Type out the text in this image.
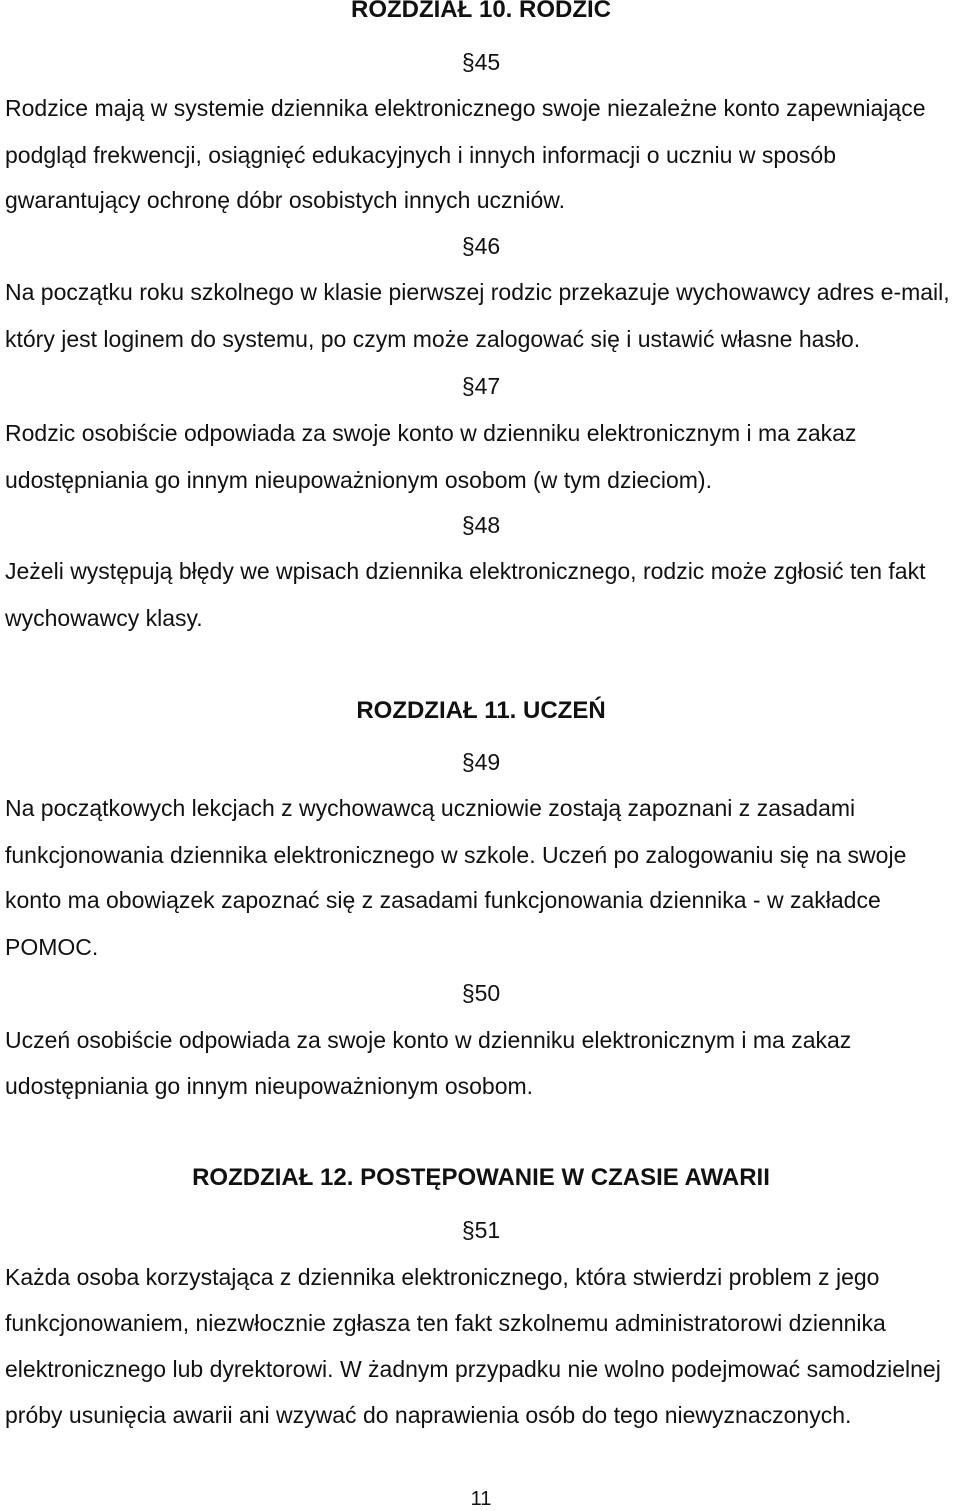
ROZDZIAŁ 10. RODZIC
§45
Rodzice mają w systemie dziennika elektronicznego swoje niezależne konto zapewniające
podgląd frekwencji, osiągnięć edukacyjnych i innych informacji o uczniu w sposób
gwarantujący ochronę dóbr osobistych innych uczniów.
§46
Na początku roku szkolnego w klasie pierwszej rodzic przekazuje wychowawcy adres e-mail,
który jest loginem do systemu, po czym może zalogować się i ustawić własne hasło.
§47
Rodzic osobiście odpowiada za swoje konto w dzienniku elektronicznym i ma zakaz
udostępniania go innym nieupoważnionym osobom (w tym dzieciom).
§48
Jeżeli występują błędy we wpisach dziennika elektronicznego, rodzic może zgłosić ten fakt
wychowawcy klasy.
ROZDZIAŁ 11. UCZEŃ
§49
Na początkowych lekcjach z wychowawcą uczniowie zostają zapoznani z zasadami
funkcjonowania dziennika elektronicznego w szkole. Uczeń po zalogowaniu się na swoje
konto ma obowiązek zapoznać się z zasadami funkcjonowania dziennika - w zakładce
POMOC.
§50
Uczeń osobiście odpowiada za swoje konto w dzienniku elektronicznym i ma zakaz
udostępniania go innym nieupoważnionym osobom.
ROZDZIAŁ 12. POSTĘPOWANIE W CZASIE AWARII
§51
Każda osoba korzystająca z dziennika elektronicznego, która stwierdzi problem z jego
funkcjonowaniem, niezwłocznie zgłasza ten fakt szkolnemu administratorowi dziennika
elektronicznego lub dyrektorowi. W żadnym przypadku nie wolno podejmować samodzielnej
próby usunięcia awarii ani wzywać do naprawienia osób do tego niewyznaczonych.
11
